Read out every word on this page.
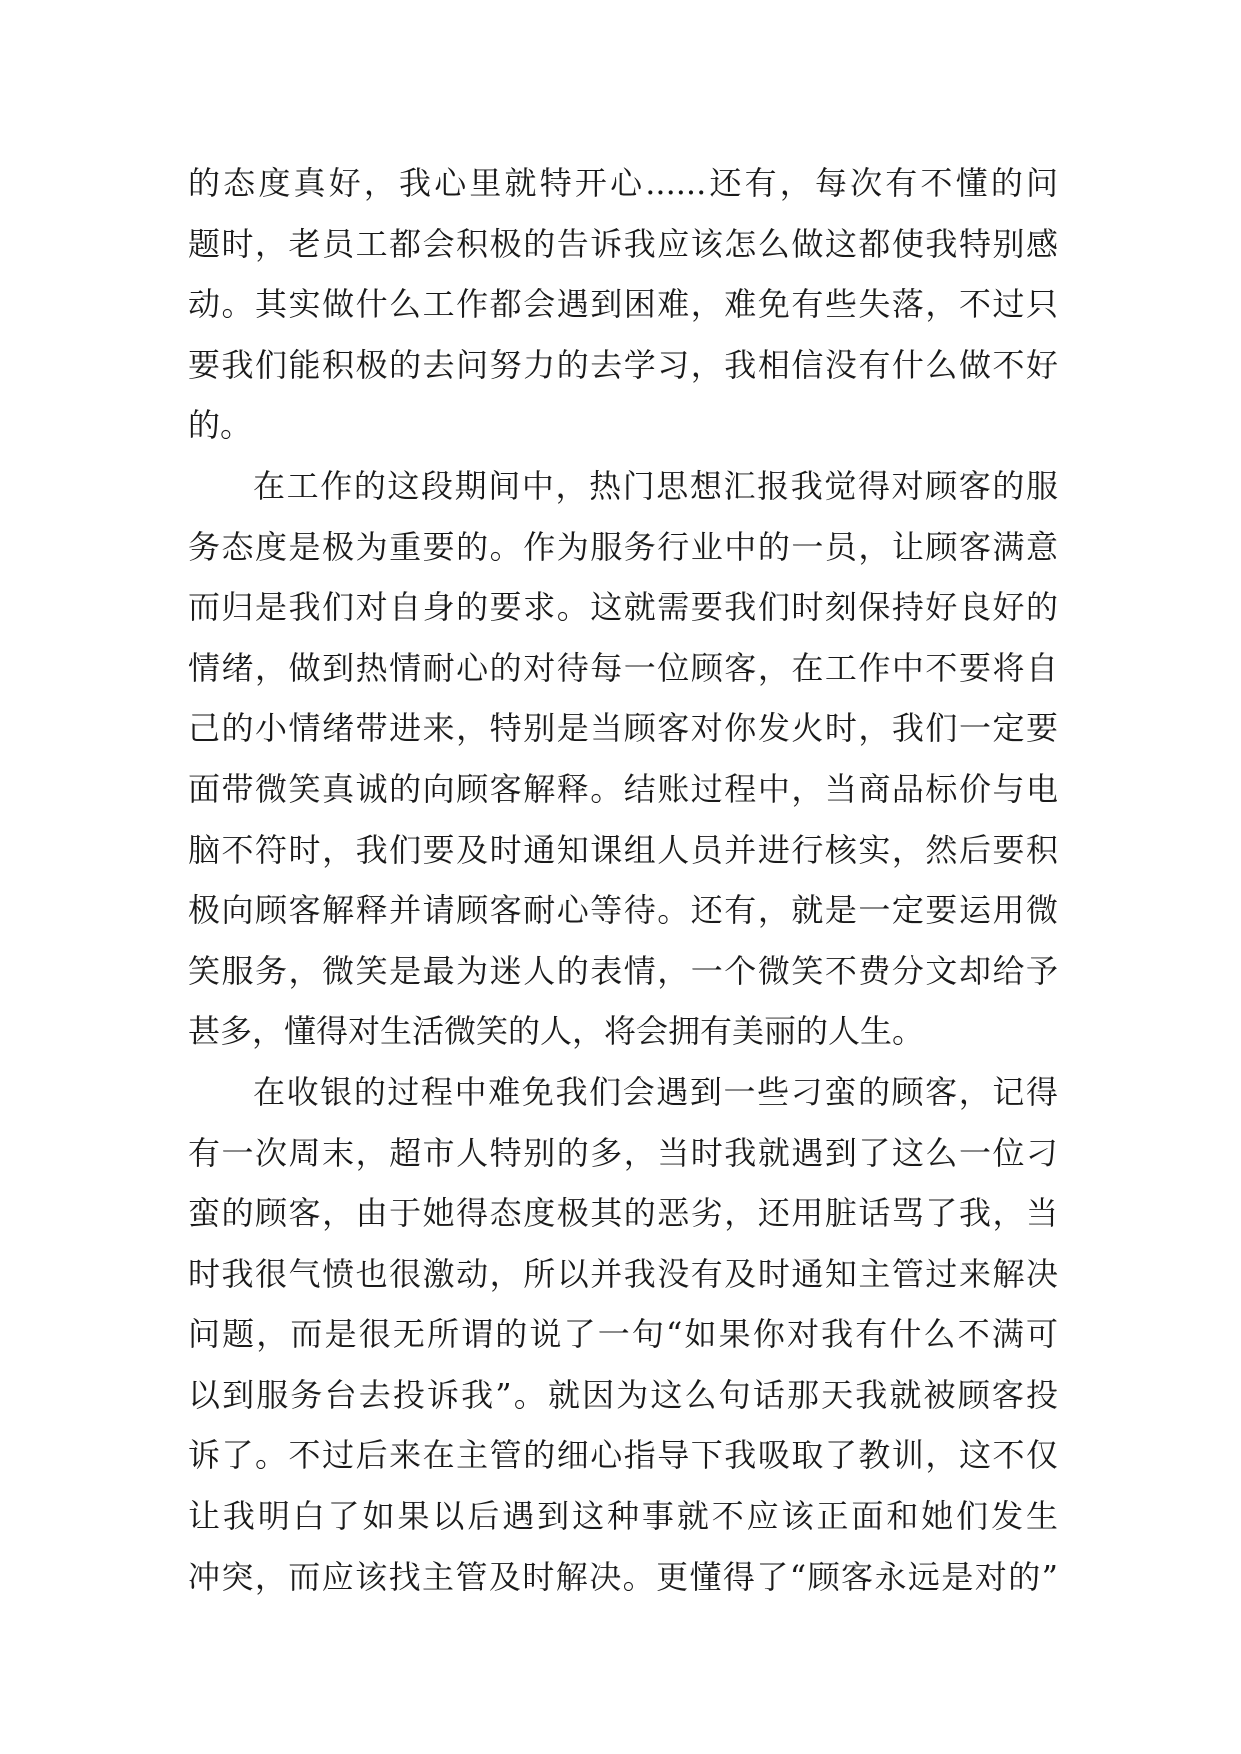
的态度真好，我心里就特开心......还有，每次有不懂的问
题时，老员工都会积极的告诉我应该怎么做这都使我特别感
动。其实做什么工作都会遇到困难，难免有些失落，不过只
要我们能积极的去问努力的去学习，我相信没有什么做不好
的。
在工作的这段期间中，热门思想汇报我觉得对顾客的服
务态度是极为重要的。作为服务行业中的一员，让顾客满意
而归是我们对自身的要求。这就需要我们时刻保持好良好的
情绪，做到热情耐心的对待每一位顾客，在工作中不要将自
己的小情绪带进来，特别是当顾客对你发火时，我们一定要
面带微笑真诚的向顾客解释。结账过程中，当商品标价与电
脑不符时，我们要及时通知课组人员并进行核实，然后要积
极向顾客解释并请顾客耐心等待。还有，就是一定要运用微
笑服务，微笑是最为迷人的表情，一个微笑不费分文却给予
甚多，懂得对生活微笑的人，将会拥有美丽的人生。
在收银的过程中难免我们会遇到一些刁蛮的顾客，记得
有一次周末，超市人特别的多，当时我就遇到了这么一位刁
蛮的顾客，由于她得态度极其的恶劣，还用脏话骂了我，当
时我很气愤也很激动，所以并我没有及时通知主管过来解决
问题，而是很无所谓的说了一句“如果你对我有什么不满可
以到服务台去投诉我”。就因为这么句话那天我就被顾客投
诉了。不过后来在主管的细心指导下我吸取了教训，这不仅
让我明白了如果以后遇到这种事就不应该正面和她们发生
冲突，而应该找主管及时解决。更懂得了“顾客永远是对的”
